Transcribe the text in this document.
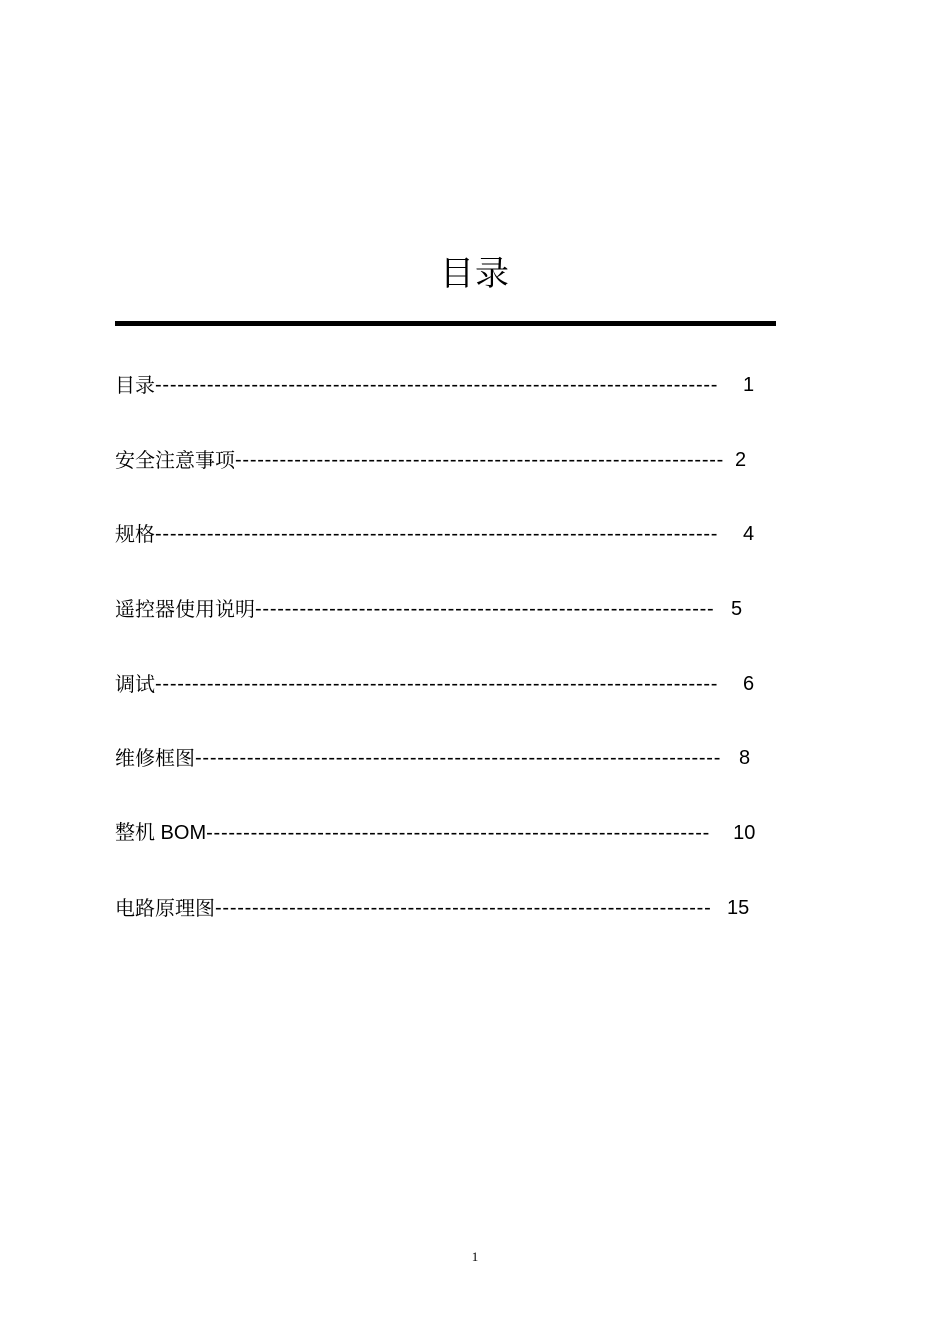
目录
目录 ----------------------------------------------------------------------------	1
安全注意事项 ------------------------------------------------------------------ 2
规格 ----------------------------------------------------------------------------	4
遥控器使用说明 -------------------------------------------------------------- 5
调试 ----------------------------------------------------------------------------	6
维修框图 ----------------------------------------------------------------------- 8
整机 BOM --------------------------------------------------------------------	10
电路原理图 ------------------------------------------------------------------- 15
1
